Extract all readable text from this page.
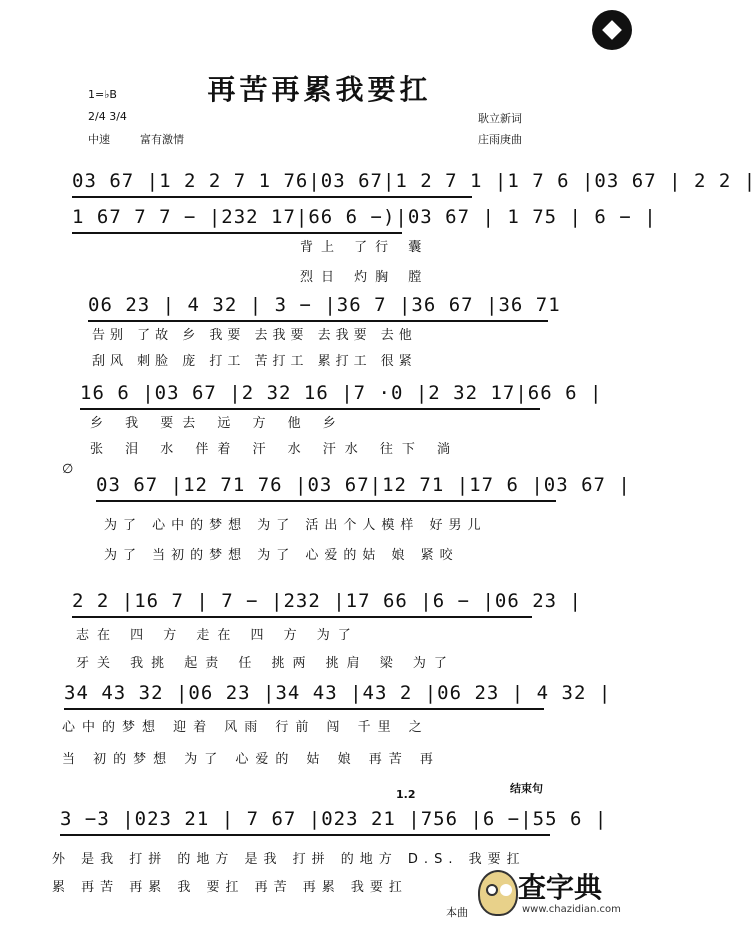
再苦再累我要扛
1=♭B
2/4 3/4
中速	富有激情
耿立新词
庄雨庚曲
03 67 |1 2 2 7 1 76|03 67|1 2 7 1 |1 7 6 |03 67 | 2 2 |
1 67 7 7 − |232 17|66 6 −)|03 67 | 1 75 | 6 − |
背上 了行 囊
烈日 灼胸 膛
06 23 | 4 32 | 3 − |36 7 |36 67 |36 71
告别 了故 乡 我要 去我要 去我要 去他
刮风 刺脸 庞 打工 苦打工 累打工 很紧
16 6 |03 67 |2 32 16 |7 ·0 |2 32 17|66 6 |
乡 我 要去 远 方 他 乡
张 泪 水 伴着 汗 水 汗水 往下 淌
03 67 |12 71 76 |03 67|12 71 |17 6 |03 67 |
∅
为了 心中的梦想 为了 活出个人模样 好男儿
为了 当初的梦想 为了 心爱的姑 娘 紧咬
2 2 |16 7 | 7 − |232 |17 66 |6 − |06 23 |
志在 四 方 走在 四 方 为了
牙关 我挑 起责 任 挑两 挑肩 梁 为了
34 43 32 |06 23 |34 43 |43 2 |06 23 | 4 32 |
心中的梦想 迎着 风雨 行前 闯 千里 之
当 初的梦想 为了 心爱的 姑 娘 再苦 再
1.2	结束句
3 −3 |023 21 | 7 67 |023 21 |756 |6 −|55 6 |
外 是我 打拼 的地方 是我 打拼 的地方 D.S. 我要扛
累 再苦 再累 我 要扛 再苦 再累 我要扛
本曲
查字典
www.chazidian.com
